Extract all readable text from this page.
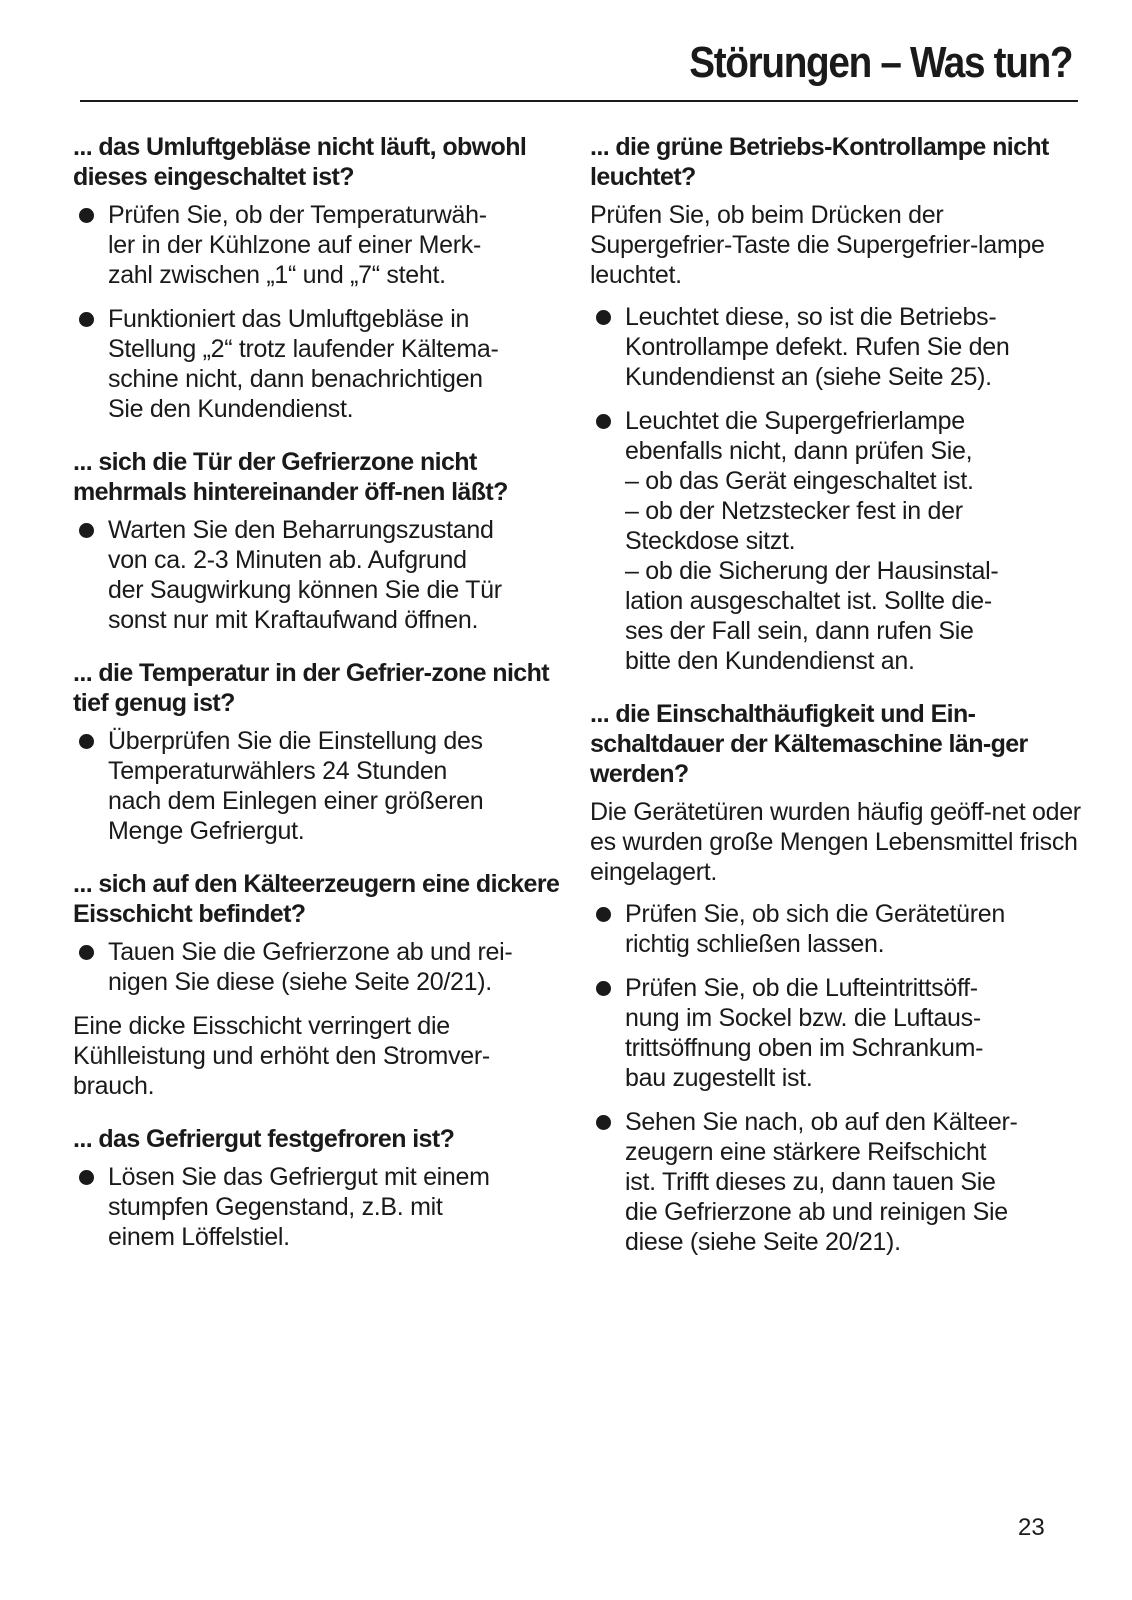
Störungen – Was tun?
... das Umluftgebläse nicht läuft, obwohl dieses eingeschaltet ist?
Prüfen Sie, ob der Temperaturwäh-
ler in der Kühlzone auf einer Merk-
zahl zwischen „1“ und „7“ steht.
Funktioniert das Umluftgebläse in
Stellung „2“ trotz laufender Kältema-
schine nicht, dann benachrichtigen
Sie den Kundendienst.
... sich die Tür der Gefrierzone nicht mehrmals hintereinander öff-nen läßt?
Warten Sie den Beharrungszustand
von ca. 2-3 Minuten ab. Aufgrund
der Saugwirkung können Sie die Tür
sonst nur mit Kraftaufwand öffnen.
... die Temperatur in der Gefrier-zone nicht tief genug ist?
Überprüfen Sie die Einstellung des
Temperaturwählers 24 Stunden
nach dem Einlegen einer größeren
Menge Gefriergut.
... sich auf den Kälteerzeugern eine dickere Eisschicht befindet?
Tauen Sie die Gefrierzone ab und rei-
nigen Sie diese (siehe Seite 20/21).
Eine dicke Eisschicht verringert die Kühlleistung und erhöht den Stromver-brauch.
... das Gefriergut festgefroren ist?
Lösen Sie das Gefriergut mit einem
stumpfen Gegenstand, z.B. mit
einem Löffelstiel.
... die grüne Betriebs-Kontrollampe nicht leuchtet?
Prüfen Sie, ob beim Drücken der Supergefrier-Taste die Supergefrier-lampe leuchtet.
Leuchtet diese, so ist die Betriebs-
Kontrollampe defekt. Rufen Sie den
Kundendienst an (siehe Seite 25).
Leuchtet die Supergefrierlampe
ebenfalls nicht, dann prüfen Sie,
– ob das Gerät eingeschaltet ist.
– ob der Netzstecker fest in der
Steckdose sitzt.
– ob die Sicherung der Hausinstal-
lation ausgeschaltet ist. Sollte die-
ses der Fall sein, dann rufen Sie
bitte den Kundendienst an.
... die Einschalthäufigkeit und Ein-schaltdauer der Kältemaschine län-ger werden?
Die Gerätetüren wurden häufig geöff-net oder es wurden große Mengen Lebensmittel frisch eingelagert.
Prüfen Sie, ob sich die Gerätetüren
richtig schließen lassen.
Prüfen Sie, ob die Lufteintrittsöff-
nung im Sockel bzw. die Luftaus-
trittsöffnung oben im Schrankum-
bau zugestellt ist.
Sehen Sie nach, ob auf den Kälteer-
zeugern eine stärkere Reifschicht
ist. Trifft dieses zu, dann tauen Sie
die Gefrierzone ab und reinigen Sie
diese (siehe Seite 20/21).
23
